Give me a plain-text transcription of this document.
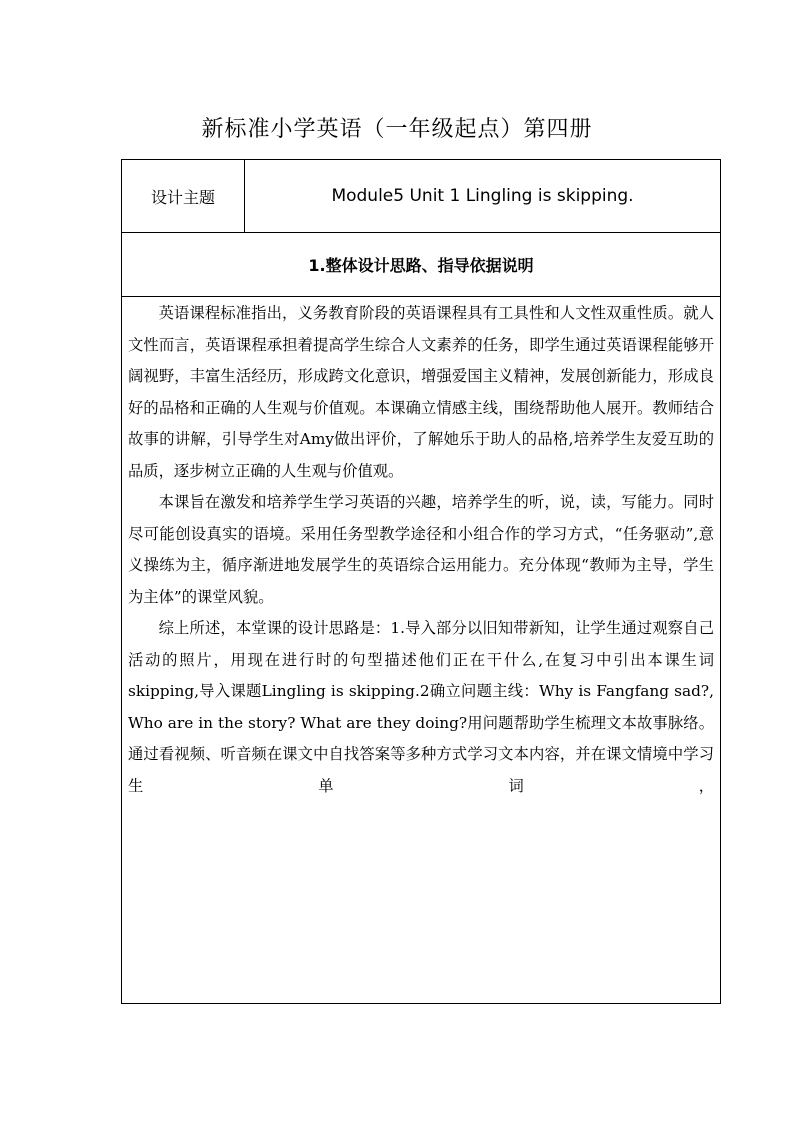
新标准小学英语（一年级起点）第四册
设计主题	Module5 Unit 1 Lingling is skipping.
1.整体设计思路、指导依据说明

英语课程标准指出，义务教育阶段的英语课程具有工具性和人文性双重性质。就人文性而言，英语课程承担着提高学生综合人文素养的任务，即学生通过英语课程能够开阔视野，丰富生活经历，形成跨文化意识，增强爱国主义精神，发展创新能力，形成良好的品格和正确的人生观与价值观。本课确立情感主线，围绕帮助他人展开。教师结合故事的讲解，引导学生对Amy做出评价，了解她乐于助人的品格,培养学生友爱互助的品质，逐步树立正确的人生观与价值观。

本课旨在激发和培养学生学习英语的兴趣，培养学生的听，说，读，写能力。同时尽可能创设真实的语境。采用任务型教学途径和小组合作的学习方式，“任务驱动”,意义操练为主，循序渐进地发展学生的英语综合运用能力。充分体现“教师为主导，学生为主体”的课堂风貌。

综上所述，本堂课的设计思路是：1.导入部分以旧知带新知，让学生通过观察自己活动的照片，用现在进行时的句型描述他们正在干什么,在复习中引出本课生词skipping,导入课题Lingling is skipping.2确立问题主线：Why is Fangfang sad?, Who are in the story? What are they doing?用问题帮助学生梳理文本故事脉络。通过看视频、听音频在课文中自找答案等多种方式学习文本内容，并在课文情境中学习生单词，
